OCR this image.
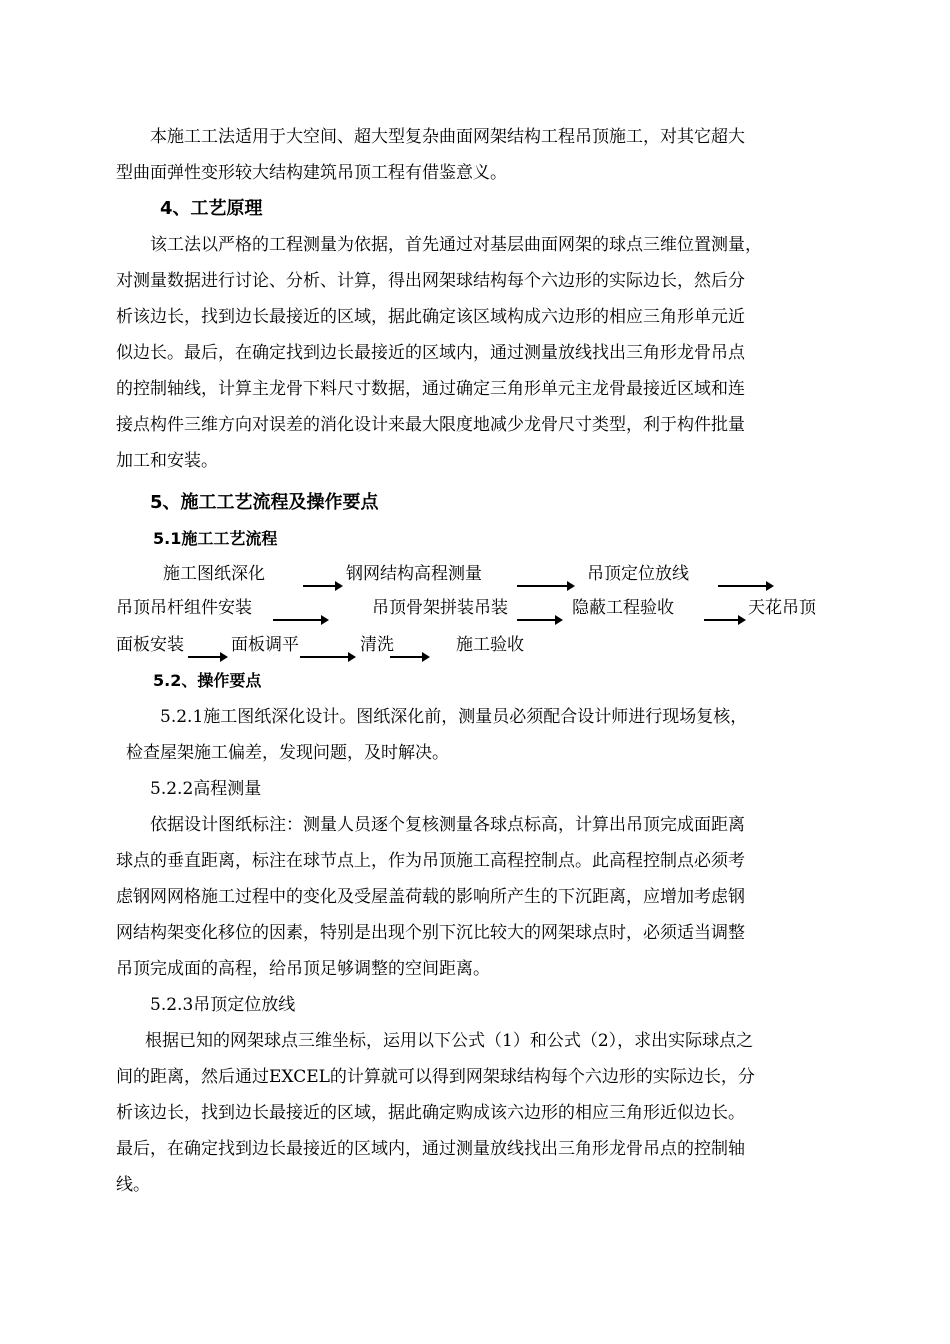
本施工工法适用于大空间、超大型复杂曲面网架结构工程吊顶施工，对其它超大
型曲面弹性变形较大结构建筑吊顶工程有借鉴意义。
4、工艺原理
该工法以严格的工程测量为依据，首先通过对基层曲面网架的球点三维位置测量，
对测量数据进行讨论、分析、计算，得出网架球结构每个六边形的实际边长，然后分
析该边长，找到边长最接近的区域，据此确定该区域构成六边形的相应三角形单元近
似边长。最后，在确定找到边长最接近的区域内，通过测量放线找出三角形龙骨吊点
的控制轴线，计算主龙骨下料尺寸数据，通过确定三角形单元主龙骨最接近区域和连
接点构件三维方向对误差的消化设计来最大限度地减少龙骨尺寸类型，利于构件批量
加工和安装。
5、施工工艺流程及操作要点
5.1施工工艺流程
施工图纸深化	钢网结构高程测量	吊顶定位放线
吊顶吊杆组件安装	吊顶骨架拼装吊装	隐蔽工程验收	天花吊顶
面板安装	面板调平	清洗	施工验收
5.2、操作要点
5.2.1施工图纸深化设计。图纸深化前，测量员必须配合设计师进行现场复核，
检查屋架施工偏差，发现问题，及时解决。
5.2.2高程测量
依据设计图纸标注：测量人员逐个复核测量各球点标高，计算出吊顶完成面距离
球点的垂直距离，标注在球节点上，作为吊顶施工高程控制点。此高程控制点必须考
虑钢网网格施工过程中的变化及受屋盖荷载的影响所产生的下沉距离，应增加考虑钢
网结构架变化移位的因素，特别是出现个别下沉比较大的网架球点时，必须适当调整
吊顶完成面的高程，给吊顶足够调整的空间距离。
5.2.3吊顶定位放线
根据已知的网架球点三维坐标，运用以下公式（1）和公式（2），求出实际球点之
间的距离，然后通过EXCEL的计算就可以得到网架球结构每个六边形的实际边长，分
析该边长，找到边长最接近的区域，据此确定购成该六边形的相应三角形近似边长。
最后，在确定找到边长最接近的区域内，通过测量放线找出三角形龙骨吊点的控制轴
线。
